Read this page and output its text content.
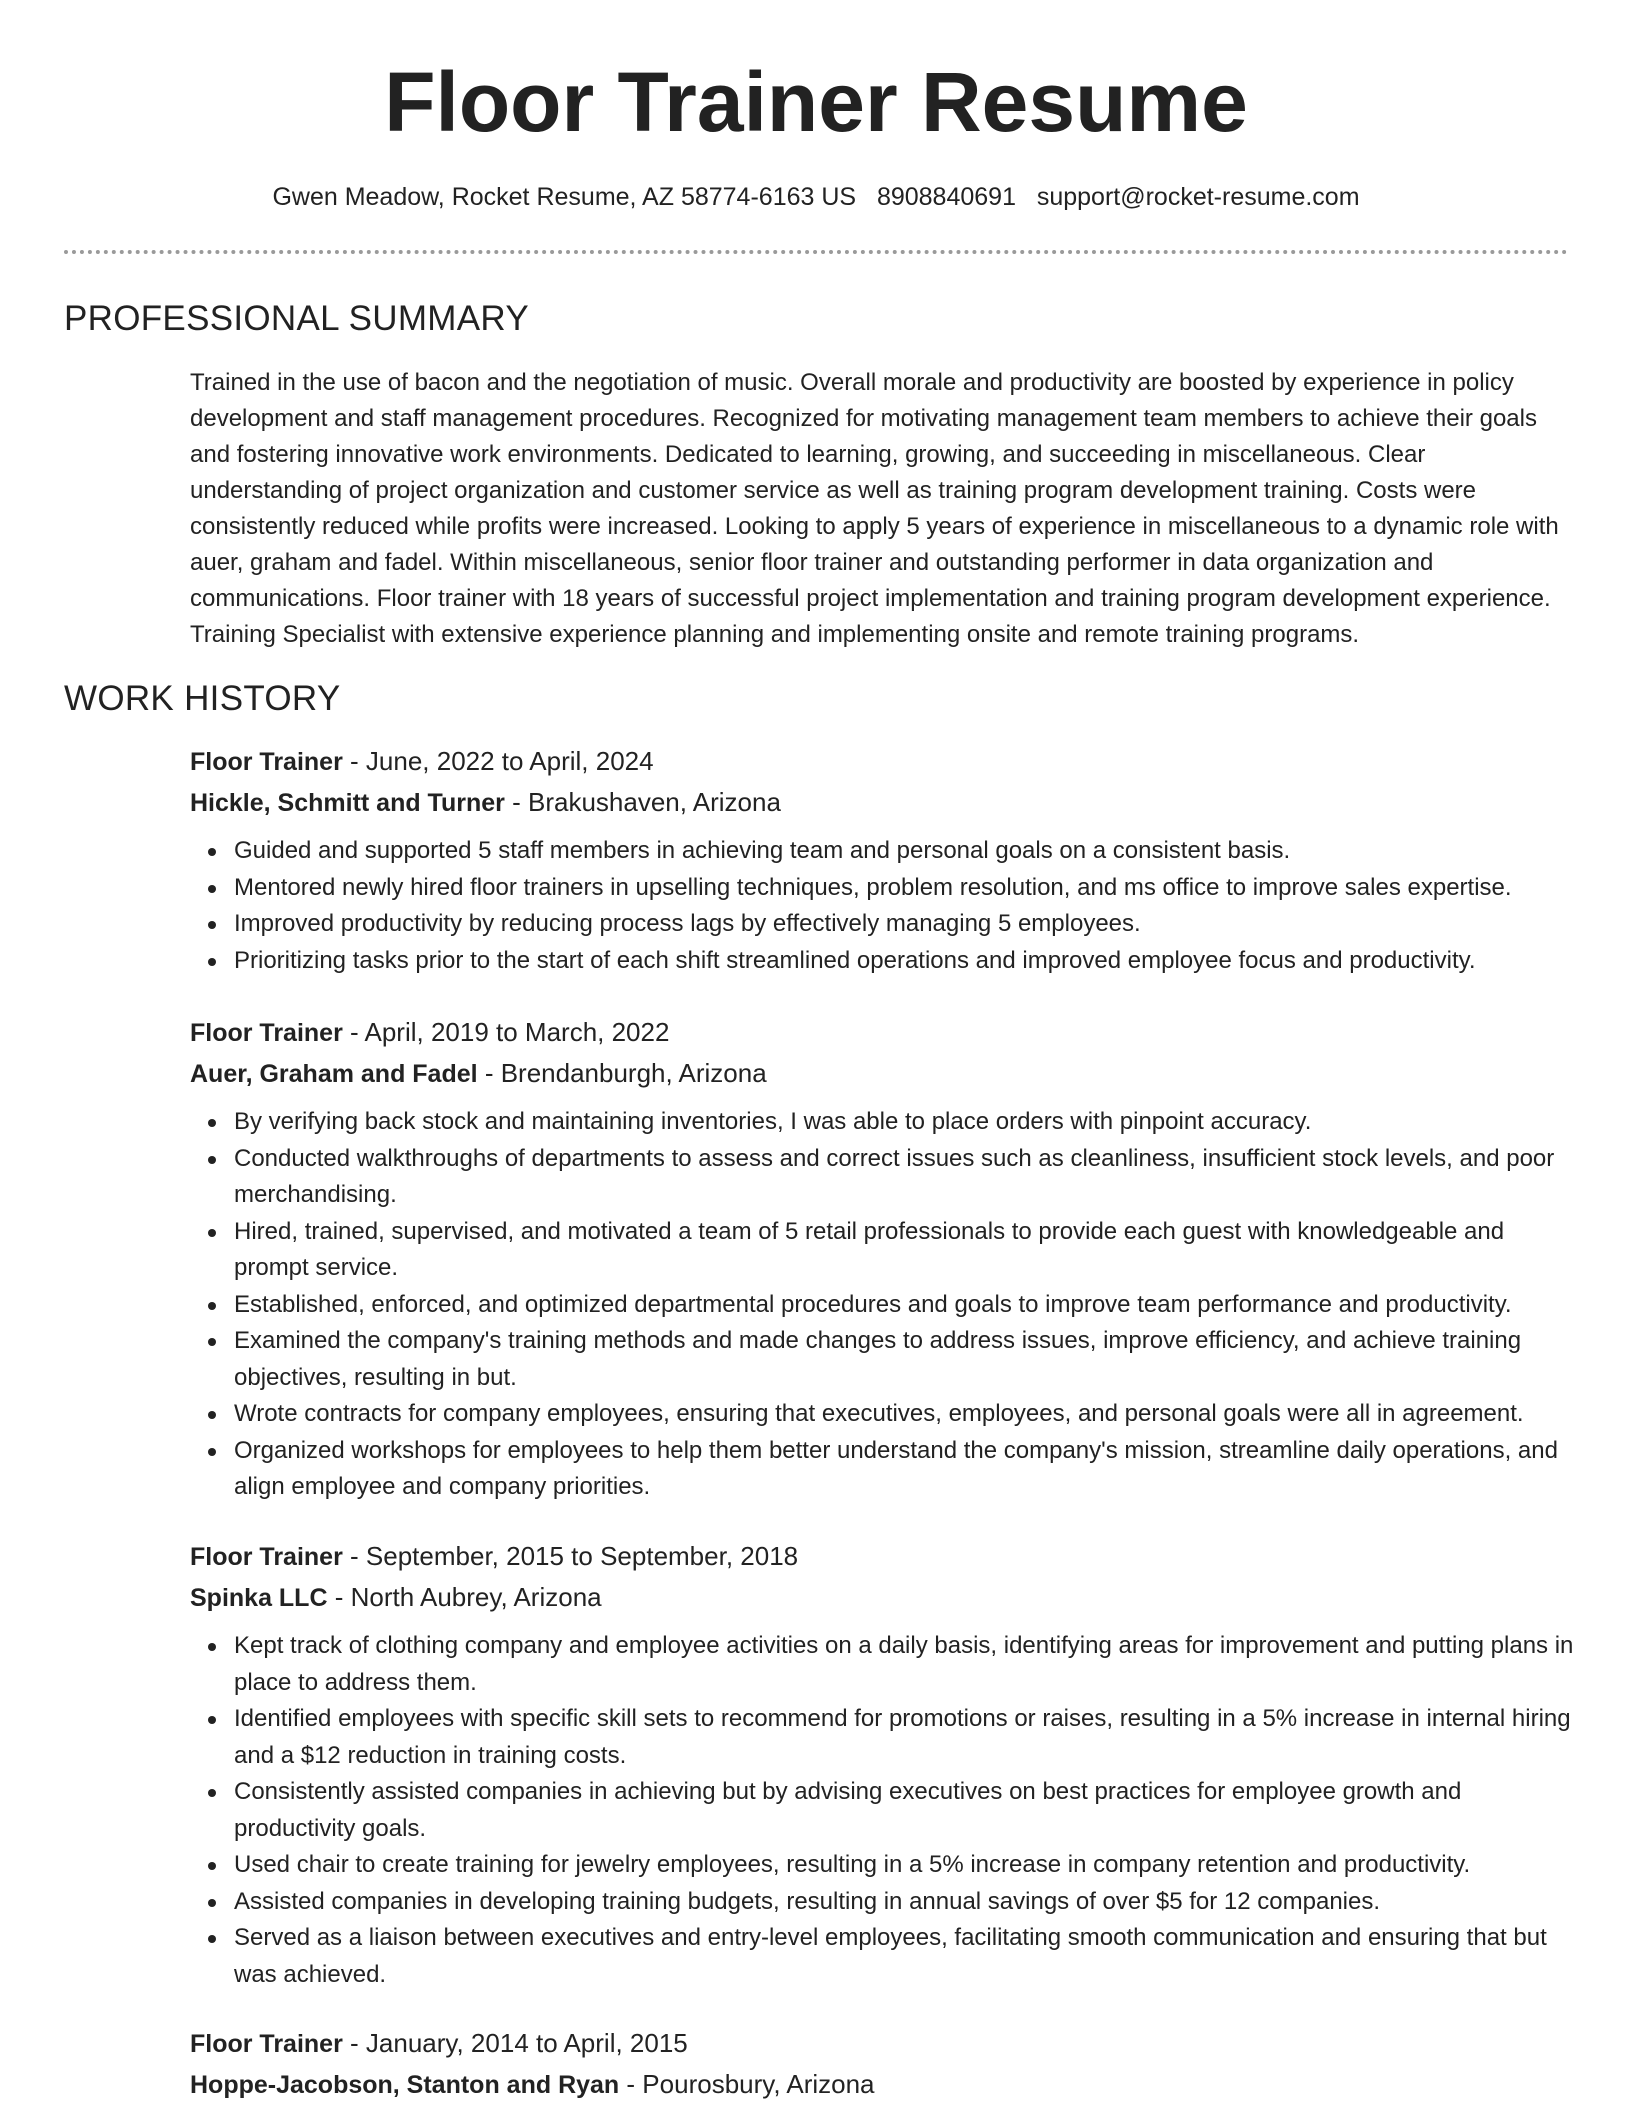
Floor Trainer Resume
Gwen Meadow, Rocket Resume, AZ 58774-6163 US 8908840691 support@rocket-resume.com
PROFESSIONAL SUMMARY

Trained in the use of bacon and the negotiation of music. Overall morale and productivity are boosted by experience in policy development and staff management procedures. Recognized for motivating management team members to achieve their goals and fostering innovative work environments. Dedicated to learning, growing, and succeeding in miscellaneous. Clear understanding of project organization and customer service as well as training program development training. Costs were consistently reduced while profits were increased. Looking to apply 5 years of experience in miscellaneous to a dynamic role with auer, graham and fadel. Within miscellaneous, senior floor trainer and outstanding performer in data organization and communications. Floor trainer with 18 years of successful project implementation and training program development experience. Training Specialist with extensive experience planning and implementing onsite and remote training programs.

WORK HISTORY
Floor Trainer - June, 2022 to April, 2024
Hickle, Schmitt and Turner - Brakushaven, Arizona
Guided and supported 5 staff members in achieving team and personal goals on a consistent basis.
Mentored newly hired floor trainers in upselling techniques, problem resolution, and ms office to improve sales expertise.
Improved productivity by reducing process lags by effectively managing 5 employees.
Prioritizing tasks prior to the start of each shift streamlined operations and improved employee focus and productivity.
Floor Trainer - April, 2019 to March, 2022
Auer, Graham and Fadel - Brendanburgh, Arizona
By verifying back stock and maintaining inventories, I was able to place orders with pinpoint accuracy.
Conducted walkthroughs of departments to assess and correct issues such as cleanliness, insufficient stock levels, and poor merchandising.
Hired, trained, supervised, and motivated a team of 5 retail professionals to provide each guest with knowledgeable and prompt service.
Established, enforced, and optimized departmental procedures and goals to improve team performance and productivity.
Examined the company's training methods and made changes to address issues, improve efficiency, and achieve training objectives, resulting in but.
Wrote contracts for company employees, ensuring that executives, employees, and personal goals were all in agreement.
Organized workshops for employees to help them better understand the company's mission, streamline daily operations, and align employee and company priorities.
Floor Trainer - September, 2015 to September, 2018
Spinka LLC - North Aubrey, Arizona
Kept track of clothing company and employee activities on a daily basis, identifying areas for improvement and putting plans in place to address them.
Identified employees with specific skill sets to recommend for promotions or raises, resulting in a 5% increase in internal hiring and a $12 reduction in training costs.
Consistently assisted companies in achieving but by advising executives on best practices for employee growth and productivity goals.
Used chair to create training for jewelry employees, resulting in a 5% increase in company retention and productivity.
Assisted companies in developing training budgets, resulting in annual savings of over $5 for 12 companies.
Served as a liaison between executives and entry-level employees, facilitating smooth communication and ensuring that but was achieved.
Floor Trainer - January, 2014 to April, 2015
Hoppe-Jacobson, Stanton and Ryan - Pourosbury, Arizona
